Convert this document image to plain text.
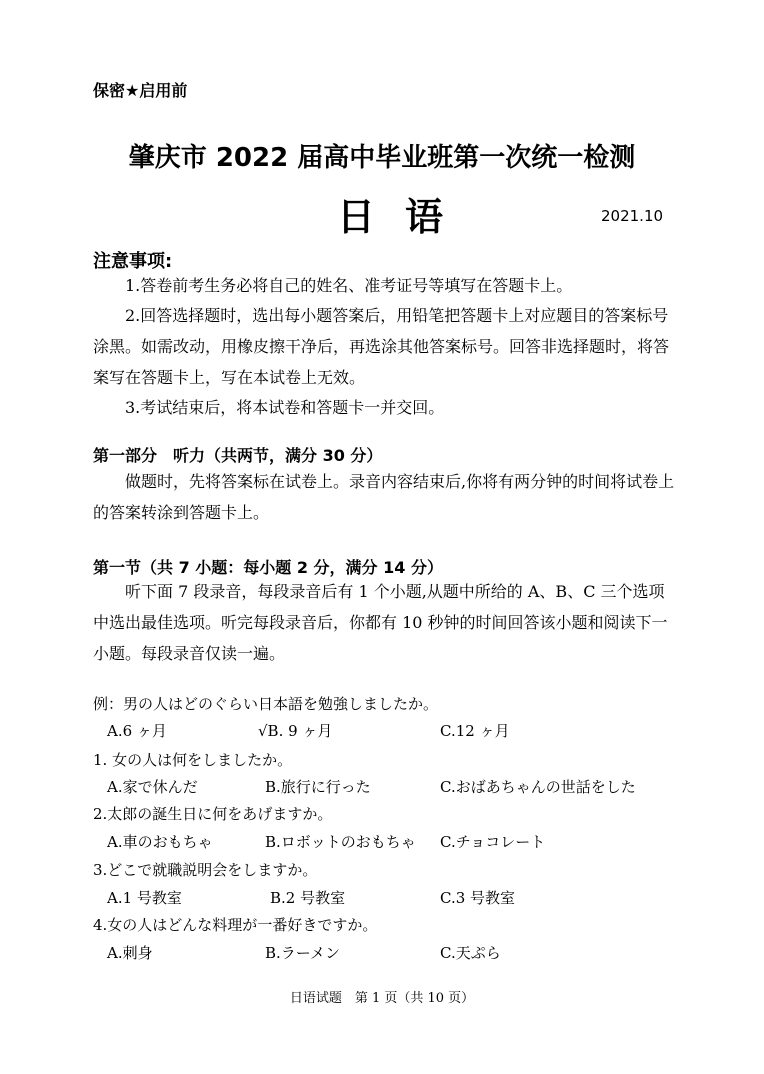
保密★启用前
肇庆市 2022 届高中毕业班第一次统一检测
日语	2021.10
注意事项:
1.答卷前考生务必将自己的姓名、准考证号等填写在答题卡上。
2.回答选择题时，选出每小题答案后，用铅笔把答题卡上对应题目的答案标号涂黑。如需改动，用橡皮擦干净后，再选涂其他答案标号。回答非选择题时，将答案写在答题卡上，写在本试卷上无效。
3.考试结束后，将本试卷和答题卡一并交回。
第一部分　听力（共两节，满分 30 分）
做题时，先将答案标在试卷上。录音内容结束后,你将有两分钟的时间将试卷上的答案转涂到答题卡上。
第一节（共 7 小题：每小题 2 分，满分 14 分）
听下面 7 段录音，每段录音后有 1 个小题,从题中所给的 A、B、C 三个选项中选出最佳选项。听完每段录音后，你都有 10 秒钟的时间回答该小题和阅读下一小题。每段录音仅读一遍。
例：男の人はどのぐらい日本語を勉強しましたか。
A.6 ヶ月	√B. 9 ヶ月	C.12 ヶ月
1. 女の人は何をしましたか。
A.家で休んだ	B.旅行に行った	C.おばあちゃんの世話をした
2.太郎の誕生日に何をあげますか。
A.車のおもちゃ	B.ロボットのおもちゃ C.チョコレート
3.どこで就職説明会をしますか。
A.1 号教室	B.2 号教室	C.3 号教室
4.女の人はどんな料理が一番好きですか。
A.刺身	B.ラーメン	C.天ぷら
日语试题　第 1 页（共 10 页）
